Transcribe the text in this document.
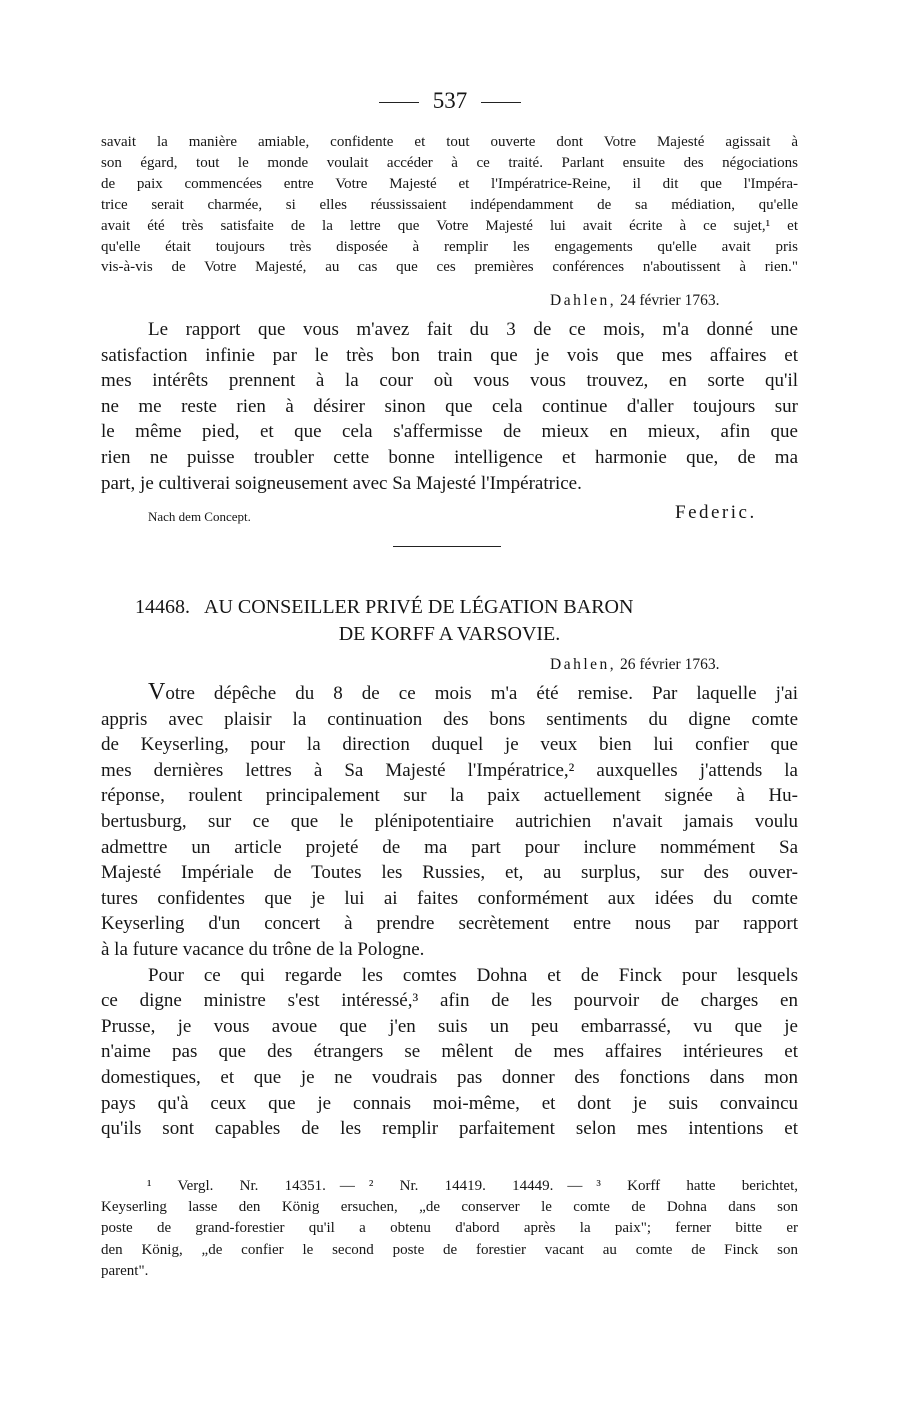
537
savait la manière amiable, confidente et tout ouverte dont Votre Majesté agissait à
son égard, tout le monde voulait accéder à ce traité. Parlant ensuite des négociations
de paix commencées entre Votre Majesté et l'Impératrice-Reine, il dit que l'Impéra-
trice serait charmée, si elles réussissaient indépendamment de sa médiation, qu'elle
avait été très satisfaite de la lettre que Votre Majesté lui avait écrite à ce sujet,¹ et
qu'elle était toujours très disposée à remplir les engagements qu'elle avait pris
vis-à-vis de Votre Majesté, au cas que ces premières conférences n'aboutissent à rien."
Dahlen, 24 février 1763.
Le rapport que vous m'avez fait du 3 de ce mois, m'a donné une
satisfaction infinie par le très bon train que je vois que mes affaires et
mes intérêts prennent à la cour où vous vous trouvez, en sorte qu'il
ne me reste rien à désirer sinon que cela continue d'aller toujours sur
le même pied, et que cela s'affermisse de mieux en mieux, afin que
rien ne puisse troubler cette bonne intelligence et harmonie que, de ma
part, je cultiverai soigneusement avec Sa Majesté l'Impératrice.
Nach dem Concept.	Federic.
14468. AU CONSEILLER PRIVÉ DE LÉGATION BARON
DE KORFF A VARSOVIE.
Dahlen, 26 février 1763.
Votre dépêche du 8 de ce mois m'a été remise. Par laquelle j'ai
appris avec plaisir la continuation des bons sentiments du digne comte
de Keyserling, pour la direction duquel je veux bien lui confier que
mes dernières lettres à Sa Majesté l'Impératrice,² auxquelles j'attends la
réponse, roulent principalement sur la paix actuellement signée à Hu-
bertusburg, sur ce que le plénipotentiaire autrichien n'avait jamais voulu
admettre un article projeté de ma part pour inclure nommément Sa
Majesté Impériale de Toutes les Russies, et, au surplus, sur des ouver-
tures confidentes que je lui ai faites conformément aux idées du comte
Keyserling d'un concert à prendre secrètement entre nous par rapport
à la future vacance du trône de la Pologne.
Pour ce qui regarde les comtes Dohna et de Finck pour lesquels
ce digne ministre s'est intéressé,³ afin de les pourvoir de charges en
Prusse, je vous avoue que j'en suis un peu embarrassé, vu que je
n'aime pas que des étrangers se mêlent de mes affaires intérieures et
domestiques, et que je ne voudrais pas donner des fonctions dans mon
pays qu'à ceux que je connais moi-même, et dont je suis convaincu
qu'ils sont capables de les remplir parfaitement selon mes intentions et
¹ Vergl. Nr. 14351. — ² Nr. 14419. 14449. — ³ Korff hatte berichtet,
Keyserling lasse den König ersuchen, „de conserver le comte de Dohna dans son
poste de grand-forestier qu'il a obtenu d'abord après la paix"; ferner bitte er
den König, „de confier le second poste de forestier vacant au comte de Finck son
parent".
